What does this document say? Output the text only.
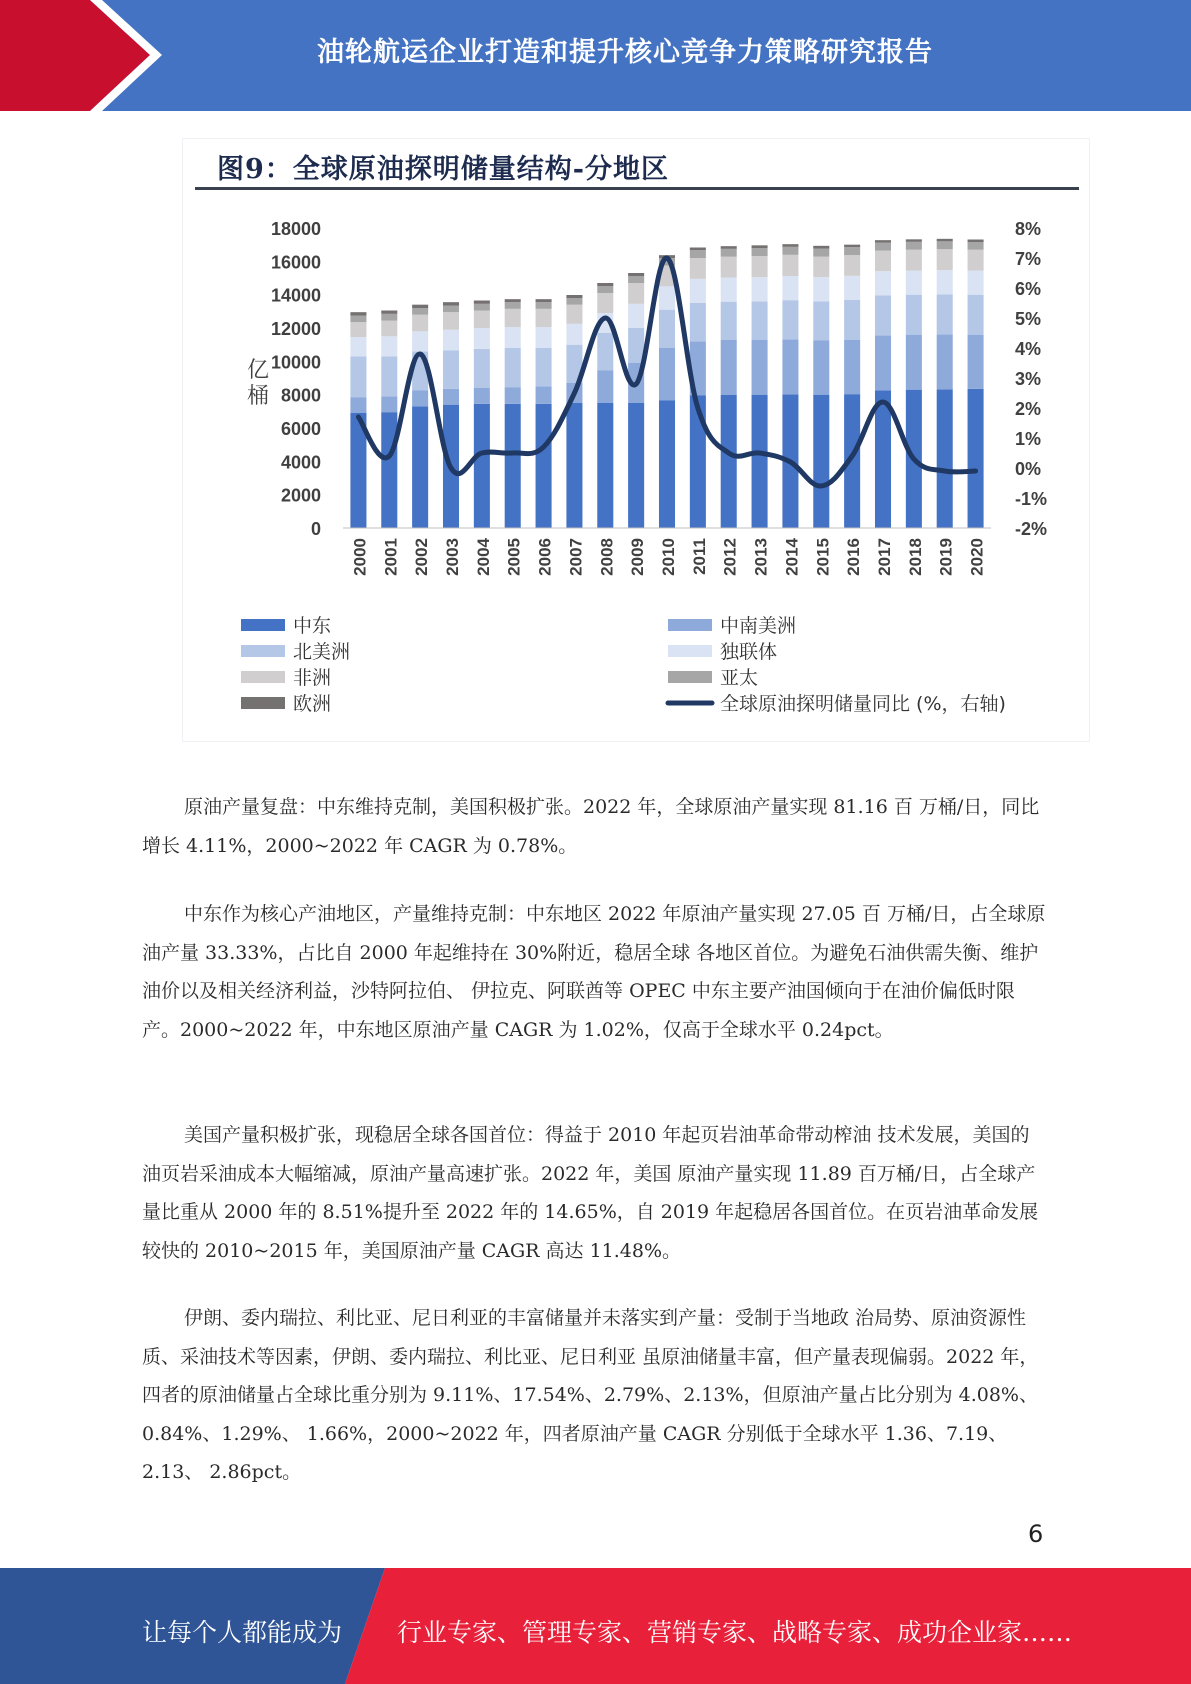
油轮航运企业打造和提升核心竞争力策略研究报告
图9：全球原油探明储量结构-分地区
0
2000
4000
6000
8000
10000
12000
14000
16000
18000
-2%
-1%
0%
1%
2%
3%
4%
5%
6%
7%
8%
亿
桶
2000 2001 2002 2003 2004 2005 2006 2007 2008 2009 2010 2011 2012 2013 2014 2015 2016 2017 2018 2019 2020
中东	中南美洲
北美洲	独联体
非洲	亚太
欧洲	全球原油探明储量同比 (%，右轴)

原油产量复盘：中东维持克制，美国积极扩张。2022 年，全球原油产量实现 81.16 百 万桶/日，同比增长 4.11%，2000~2022 年 CAGR 为 0.78%。

中东作为核心产油地区，产量维持克制：中东地区 2022 年原油产量实现 27.05 百 万桶/日，占全球原油产量 33.33%，占比自 2000 年起维持在 30%附近，稳居全球 各地区首位。为避免石油供需失衡、维护油价以及相关经济利益，沙特阿拉伯、 伊拉克、阿联酋等 OPEC 中东主要产油国倾向于在油价偏低时限产。2000~2022 年，中东地区原油产量 CAGR 为 1.02%，仅高于全球水平 0.24pct。

美国产量积极扩张，现稳居全球各国首位：得益于 2010 年起页岩油革命带动榨油 技术发展，美国的油页岩采油成本大幅缩减，原油产量高速扩张。2022 年，美国 原油产量实现 11.89 百万桶/日，占全球产量比重从 2000 年的 8.51%提升至 2022 年的 14.65%，自 2019 年起稳居各国首位。在页岩油革命发展较快的 2010~2015 年，美国原油产量 CAGR 高达 11.48%。

伊朗、委内瑞拉、利比亚、尼日利亚的丰富储量并未落实到产量：受制于当地政 治局势、原油资源性质、采油技术等因素，伊朗、委内瑞拉、利比亚、尼日利亚 虽原油储量丰富，但产量表现偏弱。2022 年，四者的原油储量占全球比重分别为 9.11%、17.54%、2.79%、2.13%，但原油产量占比分别为 4.08%、0.84%、1.29%、 1.66%，2000~2022 年，四者原油产量 CAGR 分别低于全球水平 1.36、7.19、2.13、 2.86pct。

6
让每个人都能成为 行业专家、管理专家、营销专家、战略专家、成功企业家……
